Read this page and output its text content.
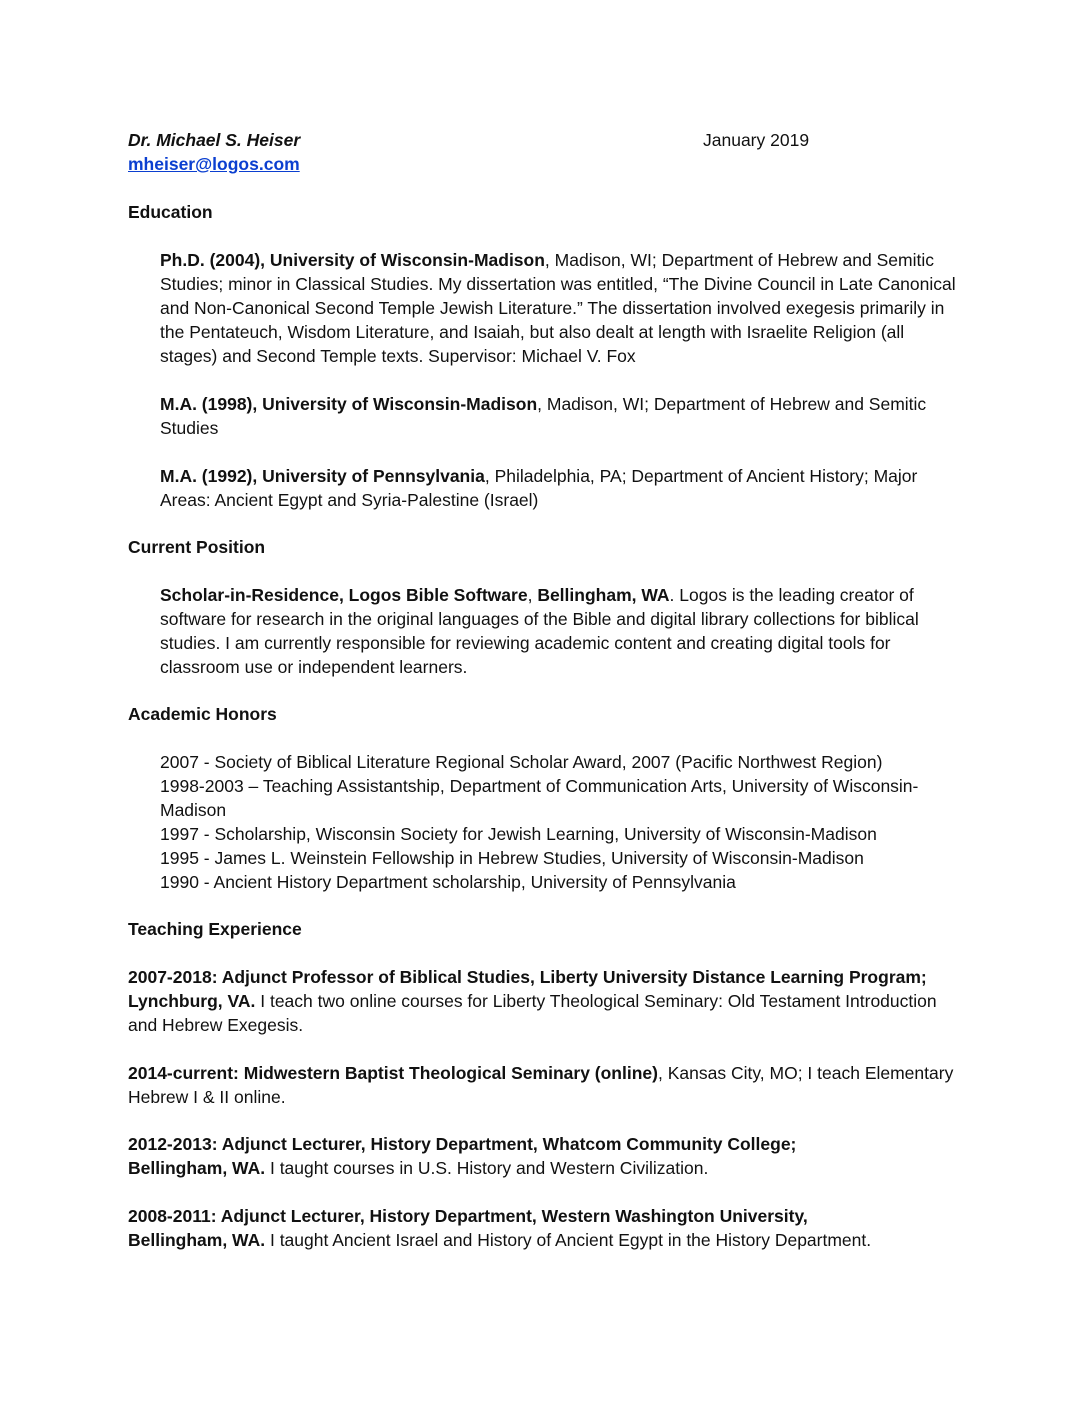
Dr. Michael S. Heiser	January 2019
mheiser@logos.com
Education
Ph.D. (2004), University of Wisconsin-Madison, Madison, WI; Department of Hebrew and Semitic Studies; minor in Classical Studies. My dissertation was entitled, “The Divine Council in Late Canonical and Non-Canonical Second Temple Jewish Literature.” The dissertation involved exegesis primarily in the Pentateuch, Wisdom Literature, and Isaiah, but also dealt at length with Israelite Religion (all stages) and Second Temple texts. Supervisor: Michael V. Fox
M.A. (1998), University of Wisconsin-Madison, Madison, WI; Department of Hebrew and Semitic Studies
M.A. (1992), University of Pennsylvania, Philadelphia, PA; Department of Ancient History; Major Areas: Ancient Egypt and Syria-Palestine (Israel)
Current Position
Scholar-in-Residence, Logos Bible Software, Bellingham, WA. Logos is the leading creator of software for research in the original languages of the Bible and digital library collections for biblical studies. I am currently responsible for reviewing academic content and creating digital tools for classroom use or independent learners.
Academic Honors
2007 - Society of Biblical Literature Regional Scholar Award, 2007 (Pacific Northwest Region)
1998-2003 – Teaching Assistantship, Department of Communication Arts, University of Wisconsin-Madison
1997 - Scholarship, Wisconsin Society for Jewish Learning, University of Wisconsin-Madison
1995 - James L. Weinstein Fellowship in Hebrew Studies, University of Wisconsin-Madison
1990 - Ancient History Department scholarship, University of Pennsylvania
Teaching Experience
2007-2018: Adjunct Professor of Biblical Studies, Liberty University Distance Learning Program; Lynchburg, VA. I teach two online courses for Liberty Theological Seminary: Old Testament Introduction and Hebrew Exegesis.
2014-current: Midwestern Baptist Theological Seminary (online), Kansas City, MO; I teach Elementary Hebrew I & II online.
2012-2013: Adjunct Lecturer, History Department, Whatcom Community College;
Bellingham, WA. I taught courses in U.S. History and Western Civilization.
2008-2011: Adjunct Lecturer, History Department, Western Washington University,
Bellingham, WA. I taught Ancient Israel and History of Ancient Egypt in the History Department.
